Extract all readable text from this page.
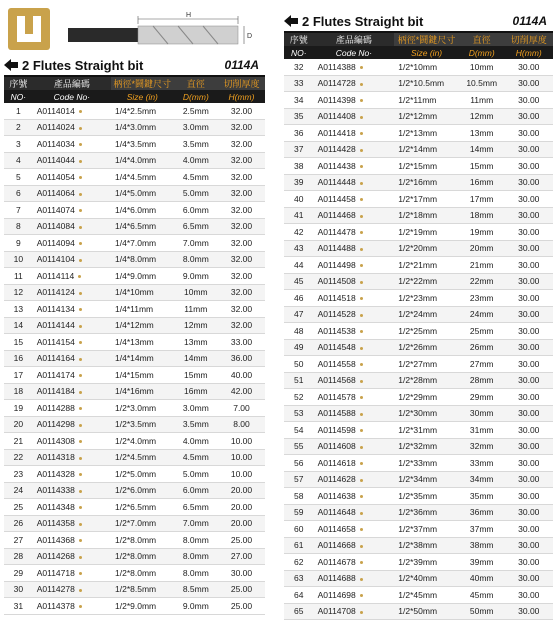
H
D
2 Flutes Straight bit	0114A
序號	產品編碼	柄徑*鬪鍵尺寸	直徑	切削厚度
NO·	Code No·	Size (in)	D(mm)	H(mm)
1	A0114014	1/4*2.5mm	2.5mm	32.00
2	A0114024	1/4*3.0mm	3.0mm	32.00
3	A0114034	1/4*3.5mm	3.5mm	32.00
4	A0114044	1/4*4.0mm	4.0mm	32.00
5	A0114054	1/4*4.5mm	4.5mm	32.00
6	A0114064	1/4*5.0mm	5.0mm	32.00
7	A0114074	1/4*6.0mm	6.0mm	32.00
8	A0114084	1/4*6.5mm	6.5mm	32.00
9	A0114094	1/4*7.0mm	7.0mm	32.00
10	A0114104	1/4*8.0mm	8.0mm	32.00
11	A0114114	1/4*9.0mm	9.0mm	32.00
12	A0114124	1/4*10mm	10mm	32.00
13	A0114134	1/4*11mm	11mm	32.00
14	A0114144	1/4*12mm	12mm	32.00
15	A0114154	1/4*13mm	13mm	33.00
16	A0114164	1/4*14mm	14mm	36.00
17	A0114174	1/4*15mm	15mm	40.00
18	A0114184	1/4*16mm	16mm	42.00
19	A0114288	1/2*3.0mm	3.0mm	7.00
20	A0114298	1/2*3.5mm	3.5mm	8.00
21	A0114308	1/2*4.0mm	4.0mm	10.00
22	A0114318	1/2*4.5mm	4.5mm	10.00
23	A0114328	1/2*5.0mm	5.0mm	10.00
24	A0114338	1/2*6.0mm	6.0mm	20.00
25	A0114348	1/2*6.5mm	6.5mm	20.00
26	A0114358	1/2*7.0mm	7.0mm	20.00
27	A0114368	1/2*8.0mm	8.0mm	25.00
28	A0114268	1/2*8.0mm	8.0mm	27.00
29	A0114718	1/2*8.0mm	8.0mm	30.00
30	A0114278	1/2*8.5mm	8.5mm	25.00
31	A0114378	1/2*9.0mm	9.0mm	25.00
2 Flutes Straight bit	0114A
序號	產品編碼	柄徑*鬪鍵尺寸	直徑	切削厚度
NO·	Code No·	Size (in)	D(mm)	H(mm)
32	A0114388	1/2*10mm	10mm	30.00
33	A0114728	1/2*10.5mm	10.5mm	30.00
34	A0114398	1/2*11mm	11mm	30.00
35	A0114408	1/2*12mm	12mm	30.00
36	A0114418	1/2*13mm	13mm	30.00
37	A0114428	1/2*14mm	14mm	30.00
38	A0114438	1/2*15mm	15mm	30.00
39	A0114448	1/2*16mm	16mm	30.00
40	A0114458	1/2*17mm	17mm	30.00
41	A0114468	1/2*18mm	18mm	30.00
42	A0114478	1/2*19mm	19mm	30.00
43	A0114488	1/2*20mm	20mm	30.00
44	A0114498	1/2*21mm	21mm	30.00
45	A0114508	1/2*22mm	22mm	30.00
46	A0114518	1/2*23mm	23mm	30.00
47	A0114528	1/2*24mm	24mm	30.00
48	A0114538	1/2*25mm	25mm	30.00
49	A0114548	1/2*26mm	26mm	30.00
50	A0114558	1/2*27mm	27mm	30.00
51	A0114568	1/2*28mm	28mm	30.00
52	A0114578	1/2*29mm	29mm	30.00
53	A0114588	1/2*30mm	30mm	30.00
54	A0114598	1/2*31mm	31mm	30.00
55	A0114608	1/2*32mm	32mm	30.00
56	A0114618	1/2*33mm	33mm	30.00
57	A0114628	1/2*34mm	34mm	30.00
58	A0114638	1/2*35mm	35mm	30.00
59	A0114648	1/2*36mm	36mm	30.00
60	A0114658	1/2*37mm	37mm	30.00
61	A0114668	1/2*38mm	38mm	30.00
62	A0114678	1/2*39mm	39mm	30.00
63	A0114688	1/2*40mm	40mm	30.00
64	A0114698	1/2*45mm	45mm	30.00
65	A0114708	1/2*50mm	50mm	30.00
